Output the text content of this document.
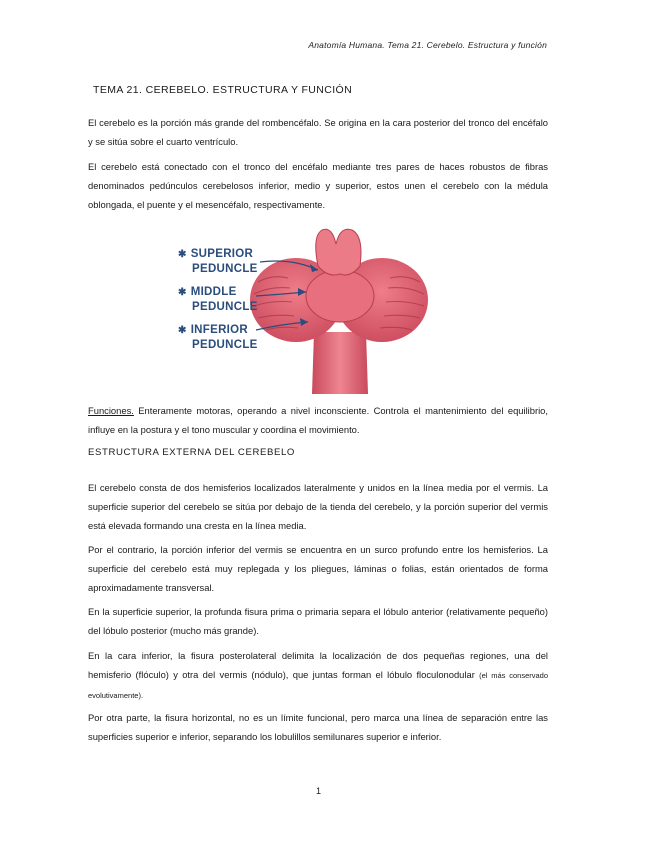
Anatomía Humana. Tema 21. Cerebelo. Estructura y función
TEMA 21. CEREBELO. ESTRUCTURA Y FUNCIÓN
El cerebelo es la porción más grande del rombencéfalo. Se origina en la cara posterior del tronco del encéfalo y se sitúa sobre el cuarto ventrículo.
El cerebelo está conectado con el tronco del encéfalo mediante tres pares de haces robustos de fibras denominados pedúnculos cerebelosos inferior, medio y superior, estos unen el cerebelo con la médula oblongada, el puente y el mesencéfalo, respectivamente.
✱ SUPERIOR
PEDUNCLE
✱ MIDDLE
PEDUNCLE
✱ INFERIOR
PEDUNCLE
Funciones. Enteramente motoras, operando a nivel inconsciente. Controla el mantenimiento del equilibrio, influye en la postura y el tono muscular y coordina el movimiento.
ESTRUCTURA EXTERNA DEL CEREBELO
El cerebelo consta de dos hemisferios localizados lateralmente y unidos en la línea media por el vermis. La superficie superior del cerebelo se sitúa por debajo de la tienda del cerebelo, y la porción superior del vermis está elevada formando una cresta en la línea media.
Por el contrario, la porción inferior del vermis se encuentra en un surco profundo entre los hemisferios. La superficie del cerebelo está muy replegada y los pliegues, láminas o folias, están orientados de forma aproximadamente transversal.
En la superficie superior, la profunda fisura prima o primaria separa el lóbulo anterior (relativamente pequeño) del lóbulo posterior (mucho más grande).
En la cara inferior, la fisura posterolateral delimita la localización de dos pequeñas regiones, una del hemisferio (flóculo) y otra del vermis (nódulo), que juntas forman el lóbulo floculonodular (el más conservado evolutivamente).
Por otra parte, la fisura horizontal, no es un límite funcional, pero marca una línea de separación entre las superficies superior e inferior, separando los lobulillos semilunares superior e inferior.
1
